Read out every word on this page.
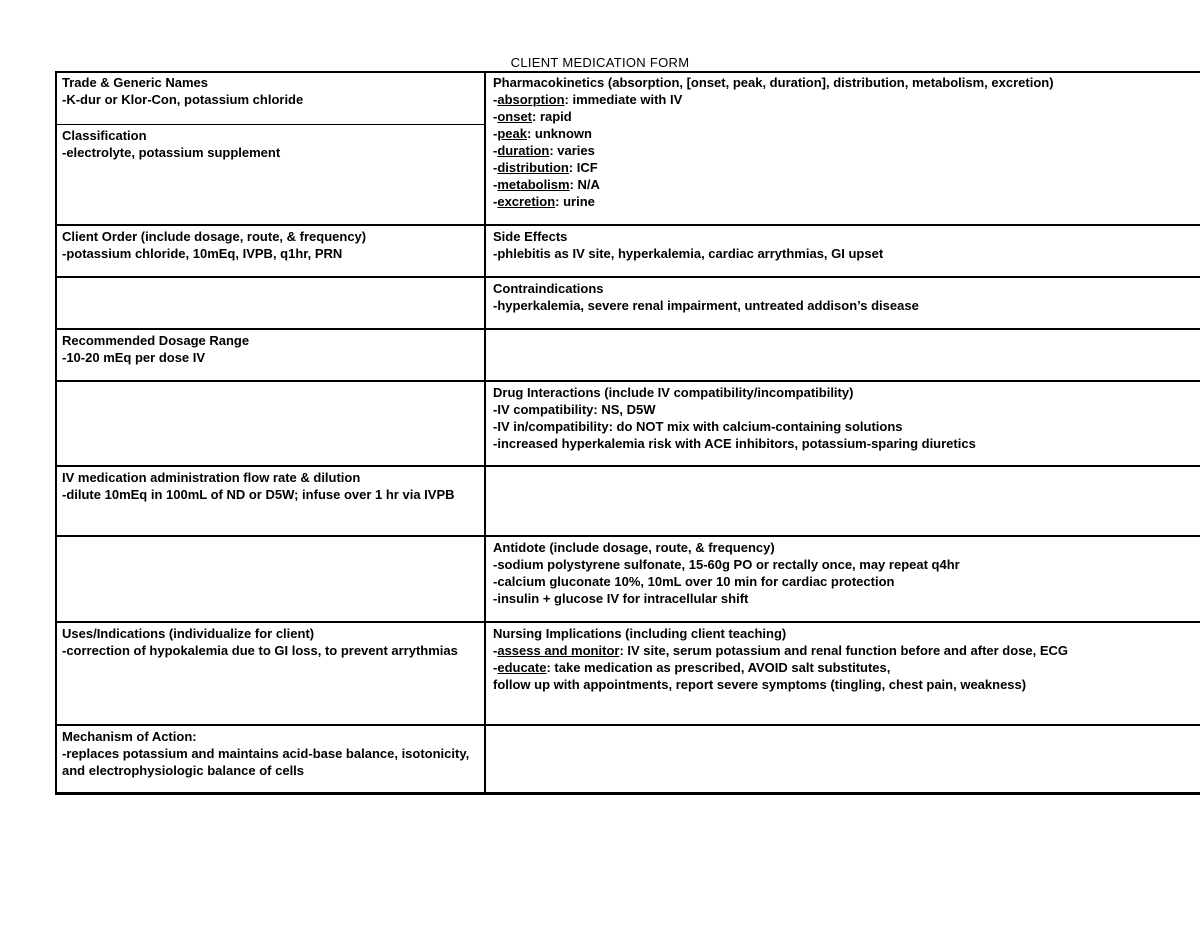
CLIENT MEDICATION FORM
Trade & Generic Names
-K-dur or Klor-Con, potassium chloride
Classification
-electrolyte, potassium supplement
Pharmacokinetics (absorption, [onset, peak, duration], distribution, metabolism, excretion)
-absorption: immediate with IV
-onset: rapid
-peak: unknown
-duration: varies
-distribution: ICF
-metabolism: N/A
-excretion: urine
Client Order (include dosage, route, & frequency)
-potassium chloride, 10mEq, IVPB, q1hr, PRN
Side Effects
-phlebitis as IV site, hyperkalemia, cardiac arrythmias, GI upset
Contraindications
-hyperkalemia, severe renal impairment, untreated addison’s disease
Recommended Dosage Range
-10-20 mEq per dose IV
Drug Interactions (include IV compatibility/incompatibility)
-IV compatibility: NS, D5W
-IV in/compatibility: do NOT mix with calcium-containing solutions
-increased hyperkalemia risk with ACE inhibitors, potassium-sparing diuretics
IV medication administration flow rate & dilution
-dilute 10mEq in 100mL of ND or D5W; infuse over 1 hr via IVPB
Antidote (include dosage, route, & frequency)
-sodium polystyrene sulfonate, 15-60g PO or rectally once, may repeat q4hr
-calcium gluconate 10%, 10mL over 10 min for cardiac protection
-insulin + glucose IV for intracellular shift
Uses/Indications (individualize for client)
-correction of hypokalemia due to GI loss, to prevent arrythmias
Nursing Implications (including client teaching)
-assess and monitor: IV site, serum potassium and renal function before and after dose, ECG
-educate: take medication as prescribed, AVOID salt substitutes,
follow up with appointments, report severe symptoms (tingling, chest pain, weakness)
Mechanism of Action:
-replaces potassium and maintains acid-base balance, isotonicity, and electrophysiologic balance of cells
